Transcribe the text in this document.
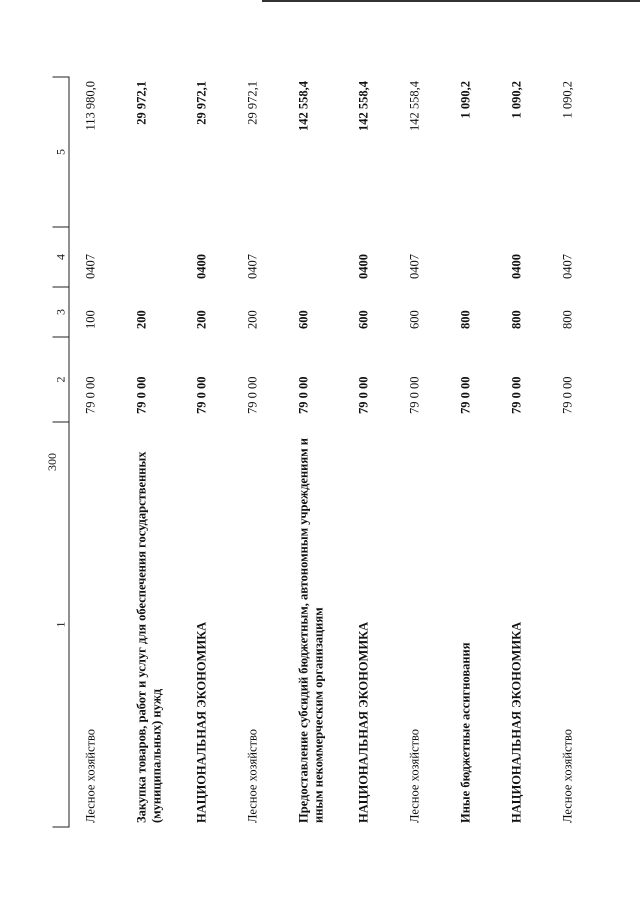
300
1	2	3	4	5
Лесное хозяйство	79 0 00	100	0407	113 980,0
Закупка товаров, работ и услуг для обеспечения государственных (муниципальных) нужд	79 0 00	200		29 972,1
НАЦИОНАЛЬНАЯ ЭКОНОМИКА	79 0 00	200	0400	29 972,1
Лесное хозяйство	79 0 00	200	0407	29 972,1
Предоставление субсидий бюджетным, автономным учреждениям и иным некоммерческим организациям	79 0 00	600		142 558,4
НАЦИОНАЛЬНАЯ ЭКОНОМИКА	79 0 00	600	0400	142 558,4
Лесное хозяйство	79 0 00	600	0407	142 558,4
Иные бюджетные ассигнования	79 0 00	800		1 090,2
НАЦИОНАЛЬНАЯ ЭКОНОМИКА	79 0 00	800	0400	1 090,2
Лесное хозяйство	79 0 00	800	0407	1 090,2
